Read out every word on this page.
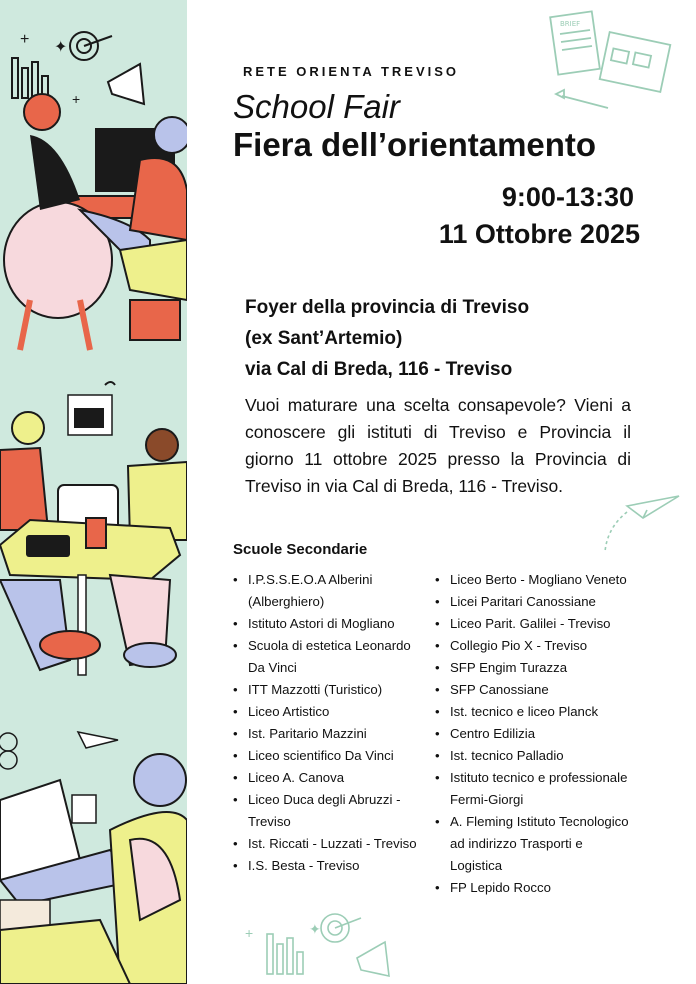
+ ✦
+
BRIEF
RETE ORIENTA TREVISO
School Fair
Fiera dell’orientamento
9:00-13:30
11 Ottobre 2025
Foyer della provincia di Treviso
(ex Sant’Artemio)
via Cal di Breda, 116 - Treviso
Vuoi maturare una scelta consapevole? Vieni a conoscere gli istituti di Treviso e Provincia il giorno 11 ottobre 2025 presso la Provincia di Treviso in via Cal di Breda, 116 - Treviso.
Scuole Secondarie
• I.P.S.S.E.O.A Alberini (Alberghiero)
• Istituto Astori di Mogliano
• Scuola di estetica Leonardo Da Vinci
• ITT Mazzotti (Turistico)
• Liceo Artistico
• Ist. Paritario Mazzini
• Liceo scientifico Da Vinci
• Liceo A. Canova
• Liceo Duca degli Abruzzi - Treviso
• Ist. Riccati - Luzzati - Treviso
• I.S. Besta - Treviso
• Liceo Berto - Mogliano Veneto
• Licei Paritari Canossiane
• Liceo Parit. Galilei - Treviso
• Collegio Pio X - Treviso
• SFP Engim Turazza
• SFP Canossiane
• Ist. tecnico e liceo Planck
• Centro Edilizia
• Ist. tecnico Palladio
• Istituto tecnico e professionale Fermi-Giorgi
• A. Fleming Istituto Tecnologico ad indirizzo Trasporti e Logistica
• FP Lepido Rocco
+	✦
